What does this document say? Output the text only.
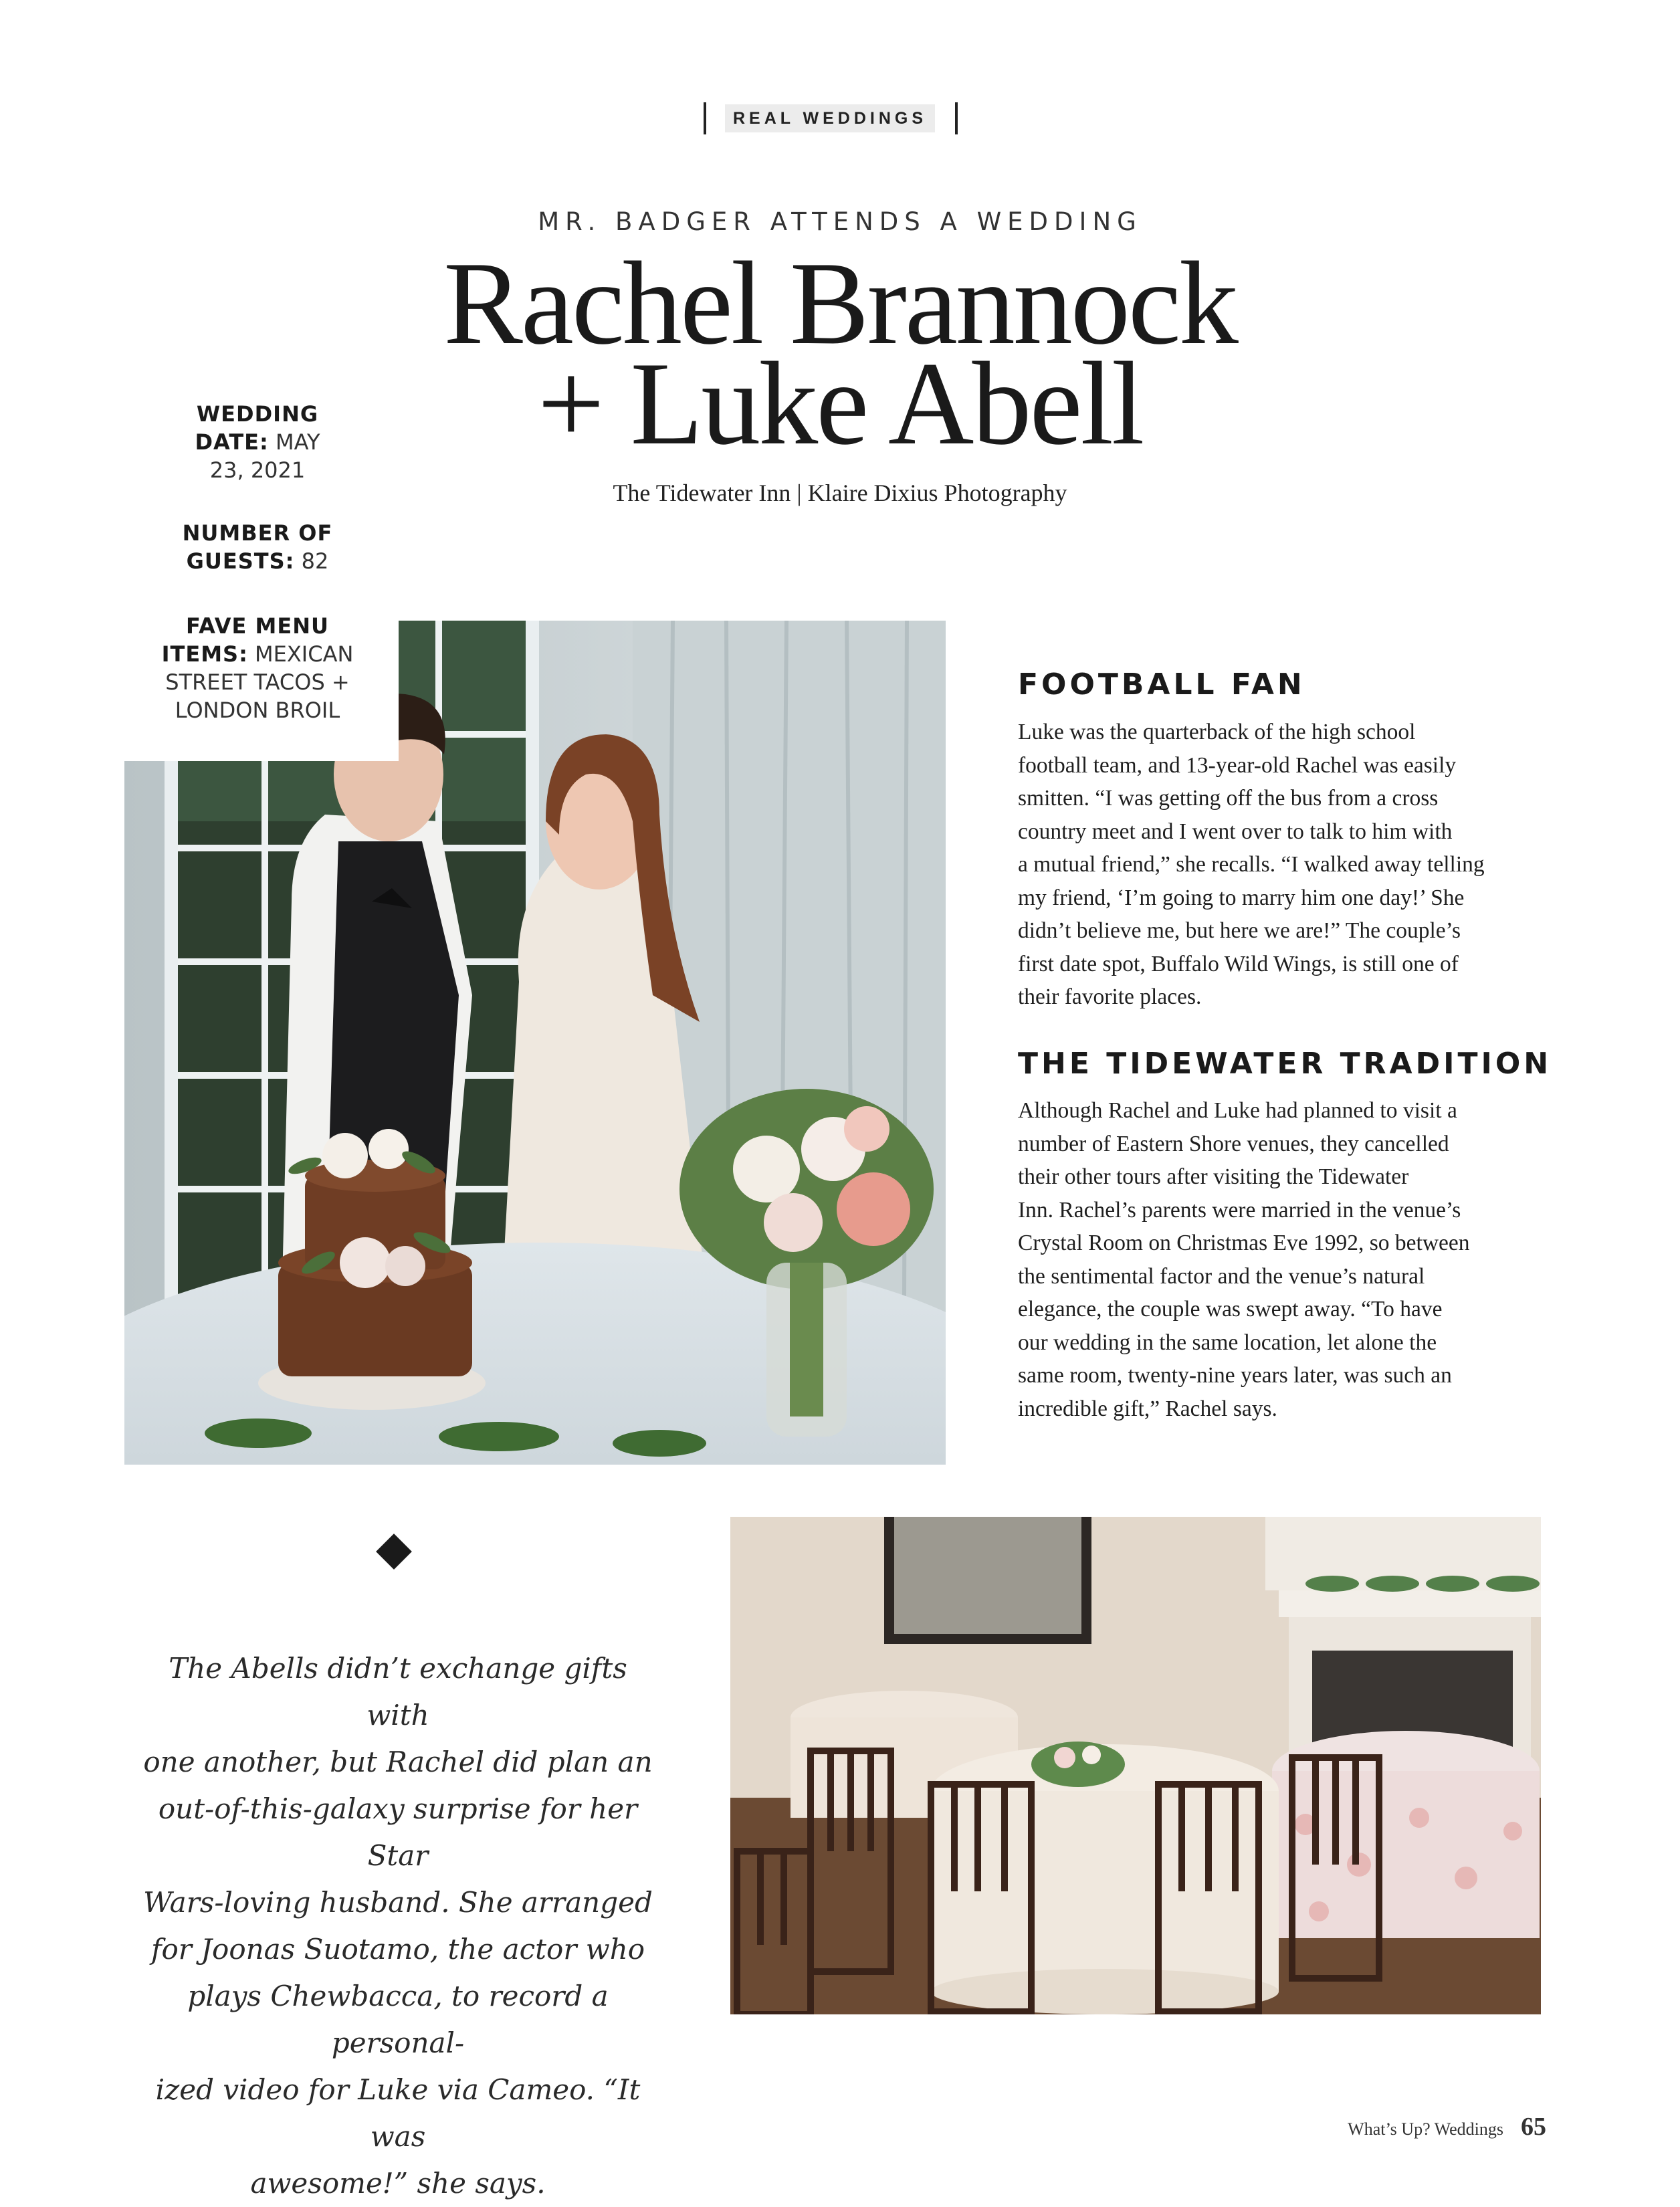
REAL WEDDINGS
MR. BADGER ATTENDS A WEDDING
Rachel Brannock
+ Luke Abell
The Tidewater Inn | Klaire Dixius Photography
WEDDING
DATE: MAY
23, 2021
NUMBER OF
GUESTS: 82
FAVE MENU
ITEMS: MEXICAN
STREET TACOS +
LONDON BROIL
FOOTBALL FAN
Luke was the quarterback of the high school
football team, and 13-year-old Rachel was easily
smitten. “I was getting off the bus from a cross
country meet and I went over to talk to him with
a mutual friend,” she recalls. “I walked away telling
my friend, ‘I’m going to marry him one day!’ She
didn’t believe me, but here we are!” The couple’s
first date spot, Buffalo Wild Wings, is still one of
their favorite places.
THE TIDEWATER TRADITION
Although Rachel and Luke had planned to visit a
number of Eastern Shore venues, they cancelled
their other tours after visiting the Tidewater
Inn. Rachel’s parents were married in the venue’s
Crystal Room on Christmas Eve 1992, so between
the sentimental factor and the venue’s natural
elegance, the couple was swept away. “To have
our wedding in the same location, let alone the
same room, twenty-nine years later, was such an
incredible gift,” Rachel says.
The Abells didn’t exchange gifts with
one another, but Rachel did plan an
out-of-this-galaxy surprise for her Star
Wars-loving husband. She arranged
for Joonas Suotamo, the actor who
plays Chewbacca, to record a personal-
ized video for Luke via Cameo. “It was
awesome!” she says.
What’s Up? Weddings 65
